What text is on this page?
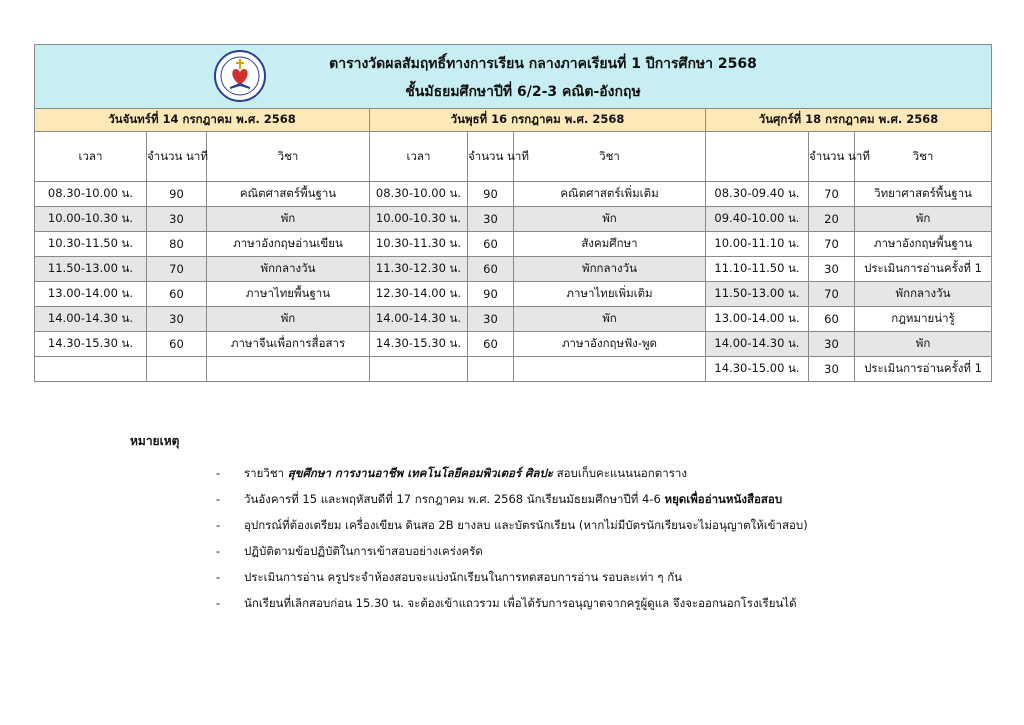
ตารางวัดผลสัมฤทธิ์ทางการเรียน กลางภาคเรียนที่ 1 ปีการศึกษา 2568
ชั้นมัธยมศึกษาปีที่ 6/2-3 คณิต-อังกฤษ								

วันจันทร์ที่ 14 กรกฎาคม พ.ศ. 2568			วันพุธที่ 16 กรกฎาคม พ.ศ. 2568			วันศุกร์ที่ 18 กรกฎาคม พ.ศ. 2568		
เวลา	จำนวน นาที	วิชา	เวลา	จำนวน นาที	วิชา		จำนวน นาที	วิชา
08.30-10.00 น.	90	คณิตศาสตร์พื้นฐาน	08.30-10.00 น.	90	คณิตศาสตร์เพิ่มเติม	08.30-09.40 น.	70	วิทยาศาสตร์พื้นฐาน
10.00-10.30 น.	30	พัก	10.00-10.30 น.	30	พัก	09.40-10.00 น.	20	พัก
10.30-11.50 น.	80	ภาษาอังกฤษอ่านเขียน	10.30-11.30 น.	60	สังคมศึกษา	10.00-11.10 น.	70	ภาษาอังกฤษพื้นฐาน
11.50-13.00 น.	70	พักกลางวัน	11.30-12.30 น.	60	พักกลางวัน	11.10-11.50 น.	30	ประเมินการอ่านครั้งที่ 1
13.00-14.00 น.	60	ภาษาไทยพื้นฐาน	12.30-14.00 น.	90	ภาษาไทยเพิ่มเติม	11.50-13.00 น.	70	พักกลางวัน
14.00-14.30 น.	30	พัก	14.00-14.30 น.	30	พัก	13.00-14.00 น.	60	กฎหมายน่ารู้
14.30-15.30 น.	60	ภาษาจีนเพื่อการสื่อสาร	14.30-15.30 น.	60	ภาษาอังกฤษฟัง-พูด	14.00-14.30 น.	30	พัก
						14.30-15.00 น.	30	ประเมินการอ่านครั้งที่ 1
หมายเหตุ
- รายวิชา สุขศึกษา การงานอาชีพ เทคโนโลยีคอมพิวเตอร์ ศิลปะ สอบเก็บคะแนนนอกตาราง
- วันอังคารที่ 15 และพฤหัสบดีที่ 17 กรกฎาคม พ.ศ. 2568 นักเรียนมัธยมศึกษาปีที่ 4-6 หยุดเพื่ออ่านหนังสือสอบ
- อุปกรณ์ที่ต้องเตรียม เครื่องเขียน ดินสอ 2B ยางลบ และบัตรนักเรียน (หากไม่มีบัตรนักเรียนจะไม่อนุญาตให้เข้าสอบ)
- ปฏิบัติตามข้อปฏิบัติในการเข้าสอบอย่างเคร่งครัด
- ประเมินการอ่าน ครูประจำห้องสอบจะแบ่งนักเรียนในการทดสอบการอ่าน รอบละเท่า ๆ กัน
- นักเรียนที่เลิกสอบก่อน 15.30 น. จะต้องเข้าแถวรวม เพื่อได้รับการอนุญาตจากครูผู้ดูแล จึงจะออกนอกโรงเรียนได้
